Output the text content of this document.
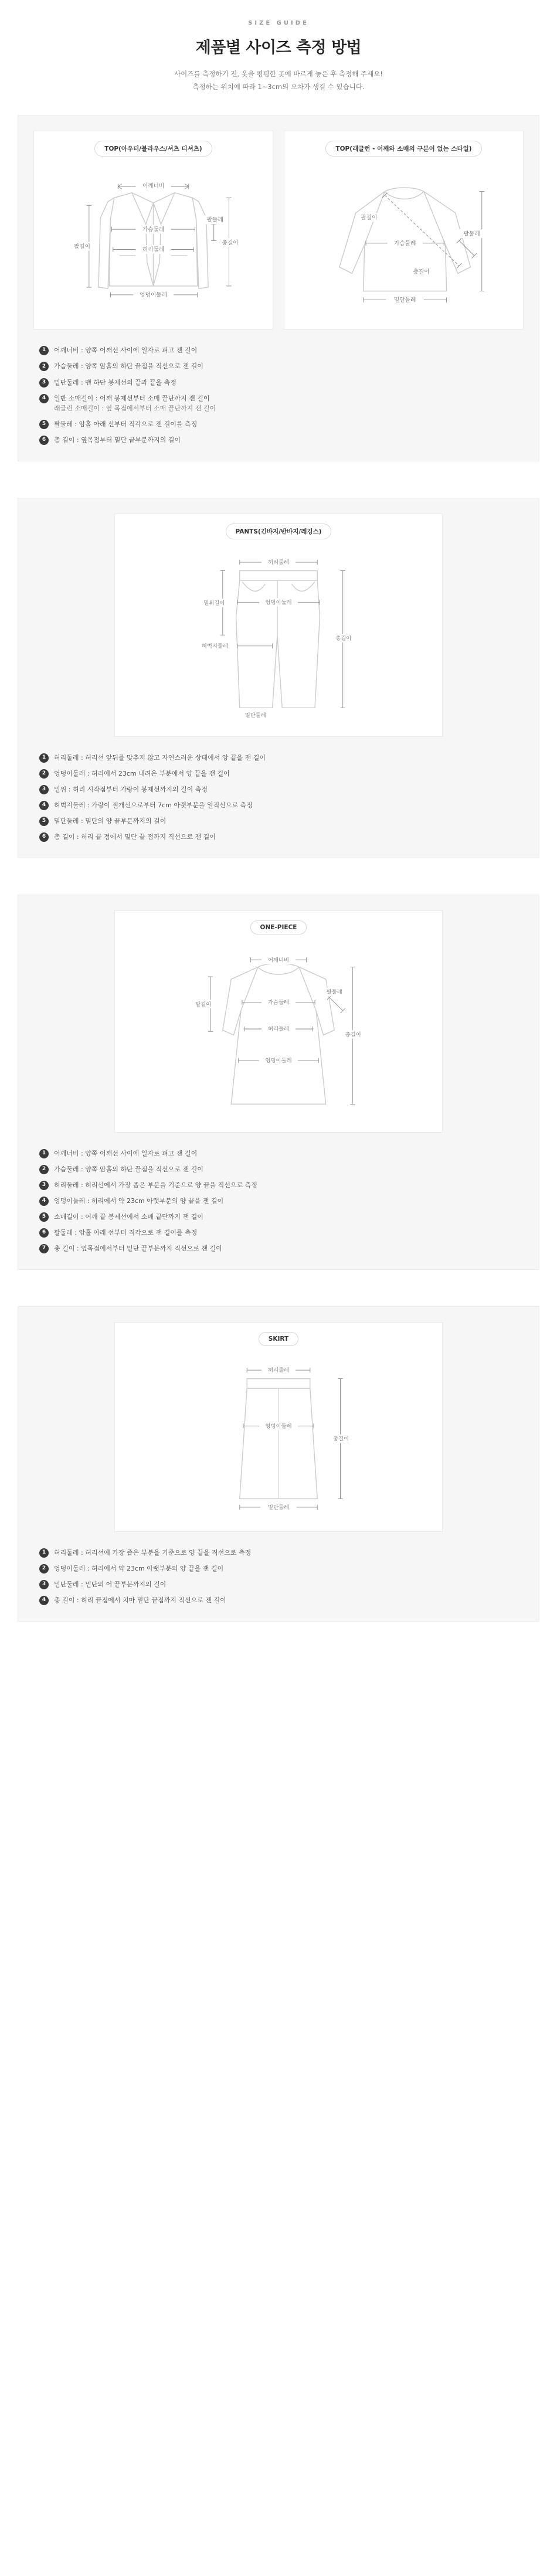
SIZE GUIDE
제품별 사이즈 측정 방법
사이즈를 측정하기 전, 옷을 평평한 곳에 바르게 놓은 후 측정해 주세요!
측정하는 위치에 따라 1~3cm의 오차가 생길 수 있습니다.
TOP(아우터/블라우스/셔츠 티셔츠)
어깨너비
가슴둘레
허리둘레
엉덩이둘레
팔길이
팔둘레
총길이
TOP(래글런 - 어깨와 소매의 구분이 없는 스타일)
팔길이
가슴둘레
팔둘레
총길이
밑단둘레
1	어깨너비 : 양쪽 어깨선 사이에 일자로 펴고 잰 길이
2	가슴둘레 : 양쪽 암홀의 하단 끝점을 직선으로 잰 길이
3	밑단둘레 : 맨 하단 봉제선의 끝과 끝을 측정
4	일반 소매길이 : 어깨 봉제선부터 소매 끝단까지 잰 길이
래글런 소매길이 : 옆 목점에서부터 소매 끝단까지 잰 길이
5	팔둘레 : 암홀 아래 선부터 직각으로 잰 길이를 측정
6	총 길이 : 옆목점부터 밑단 끝부분까지의 길이
PANTS(긴바지/반바지/레깅스)
허리둘레
밑위길이	엉덩이둘레
허벅지둘레
총길이
밑단둘레
1	허리둘레 : 허리선 앞뒤를 맞추지 않고 자연스러운 상태에서 앙 끝을 잰 길이
2	엉덩이둘레 : 허리에서 23cm 내려온 부분에서 양 끝을 잰 길이
3	밑위 : 허리 시작점부터 가랑이 봉제선까지의 길이 측정
4	허벅지둘레 : 가랑이 절개선으로부터 7cm 아랫부분을 일직선으로 측정
5	밑단둘레 : 밑단의 양 끝부분까지의 길이
6	총 길이 : 허리 끝 점에서 밑단 끝 점까지 직선으로 잰 길이
ONE-PIECE
어깨너비
가슴둘레
허리둘레
엉덩이둘레
팔길이
팔둘레
총길이
1	어깨너비 : 양쪽 어깨선 사이에 일자로 펴고 잰 길이
2	가슴둘레 : 양쪽 암홀의 하단 끝점을 직선으로 잰 길이
3	허리둘레 : 허리선에서 가장 좁은 부분을 기준으로 양 끝을 직선으로 측정
4	엉덩이둘레 : 허리에서 약 23cm 아랫부분의 양 끝을 잰 길이
5	소매길이 : 어깨 끝 봉제선에서 소매 끝단까지 잰 길이
6	팔둘레 : 암홀 아래 선부터 직각으로 잰 길이를 측정
7	총 길이 : 옆목점에서부터 밑단 끝부분까지 직선으로 잰 길이
SKIRT
허리둘레
엉덩이둘레
총길이
밑단둘레
1	허리둘레 : 허리선에 가장 좁은 부분을 기준으로 양 끝을 직선으로 측정
2	엉덩이둘레 : 허리에서 약 23cm 아랫부분의 양 끝을 잰 길이
3	밑단둘레 : 밑단의 어 끝부분까지의 길이
4	총 길이 : 허리 끝점에서 치마 밑단 끝점까지 직선으로 잰 길이
